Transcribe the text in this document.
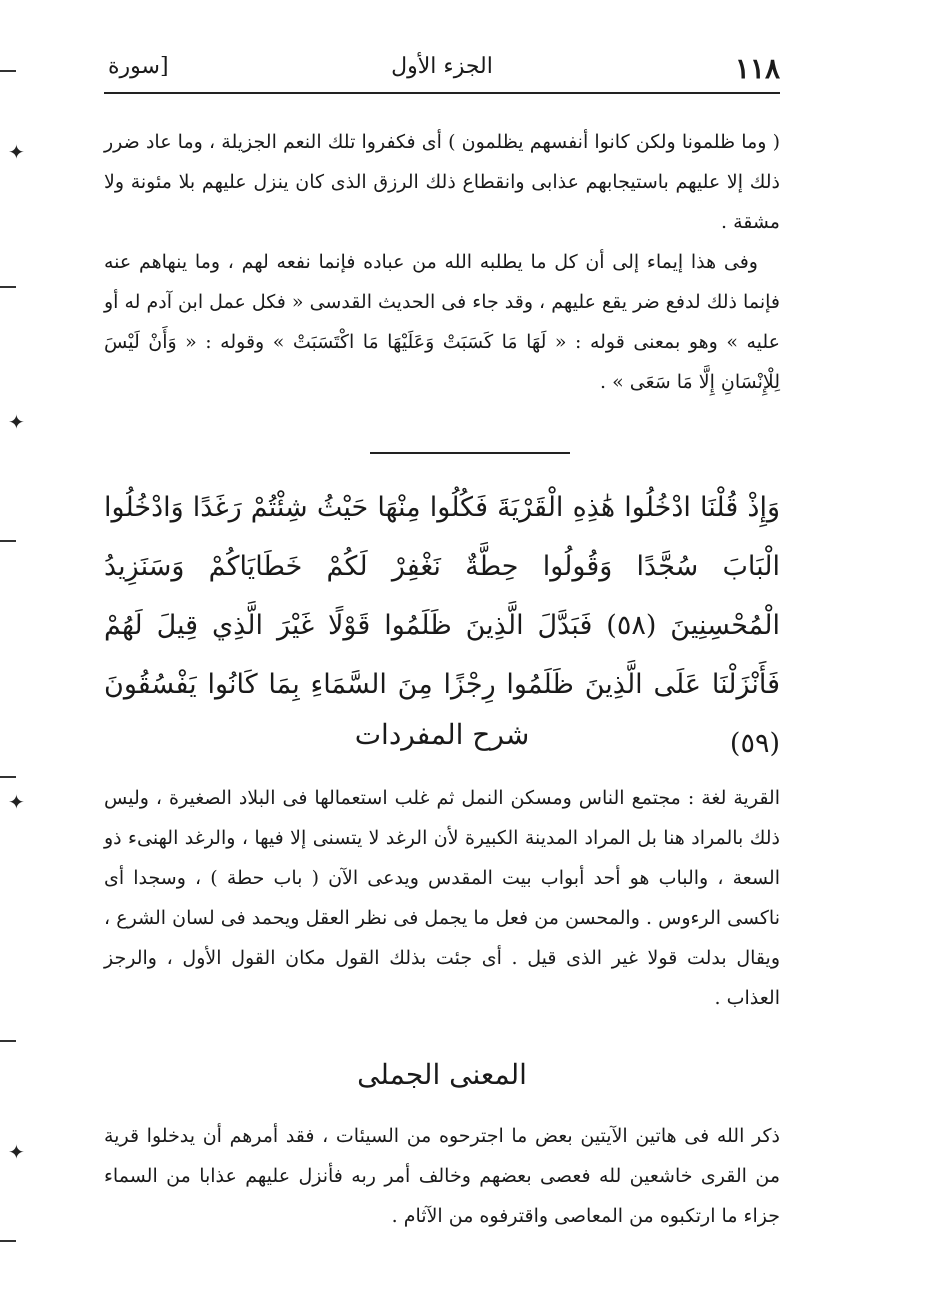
١١٨
الجزء الأول
[سورة

( وما ظلمونا ولكن كانوا أنفسهم يظلمون ) أى فكفروا تلك النعم الجزيلة ، وما عاد ضرر ذلك إلا عليهم باستيجابهم عذابى وانقطاع ذلك الرزق الذى كان ينزل عليهم بلا مئونة ولا مشقة .

وفى هذا إيماء إلى أن كل ما يطلبه الله من عباده فإنما نفعه لهم ، وما ينهاهم عنه فإنما ذلك لدفع ضر يقع عليهم ، وقد جاء فى الحديث القدسى « فكل عمل ابن آدم له أو عليه » وهو بمعنى قوله : « لَهَا مَا كَسَبَتْ وَعَلَيْهَا مَا اكْتَسَبَتْ » وقوله : « وَأَنْ لَيْسَ لِلْإِنْسَانِ إِلَّا مَا سَعَى » .

وَإِذْ قُلْنَا ادْخُلُوا هَٰذِهِ الْقَرْيَةَ فَكُلُوا مِنْهَا حَيْثُ شِئْتُمْ رَغَدًا وَادْخُلُوا الْبَابَ سُجَّدًا وَقُولُوا حِطَّةٌ نَغْفِرْ لَكُمْ خَطَايَاكُمْ وَسَنَزِيدُ الْمُحْسِنِينَ (٥٨) فَبَدَّلَ الَّذِينَ ظَلَمُوا قَوْلًا غَيْرَ الَّذِي قِيلَ لَهُمْ فَأَنْزَلْنَا عَلَى الَّذِينَ ظَلَمُوا رِجْزًا مِنَ السَّمَاءِ بِمَا كَانُوا يَفْسُقُونَ (٥٩)

شرح المفردات

القرية لغة : مجتمع الناس ومسكن النمل ثم غلب استعمالها فى البلاد الصغيرة ، وليس ذلك بالمراد هنا بل المراد المدينة الكبيرة لأن الرغد لا يتسنى إلا فيها ، والرغد الهنىء ذو السعة ، والباب هو أحد أبواب بيت المقدس ويدعى الآن ( باب حطة ) ، وسجدا أى ناكسى الرءوس . والمحسن من فعل ما يجمل فى نظر العقل ويحمد فى لسان الشرع ، ويقال بدلت قولا غير الذى قيل . أى جئت بذلك القول مكان القول الأول ، والرجز العذاب .

المعنى الجملى

ذكر الله فى هاتين الآيتين بعض ما اجترحوه من السيئات ، فقد أمرهم أن يدخلوا قرية من القرى خاشعين لله فعصى بعضهم وخالف أمر ربه فأنزل عليهم عذابا من السماء جزاء ما ارتكبوه من المعاصى واقترفوه من الآثام .

✦
✦
✦
✦
